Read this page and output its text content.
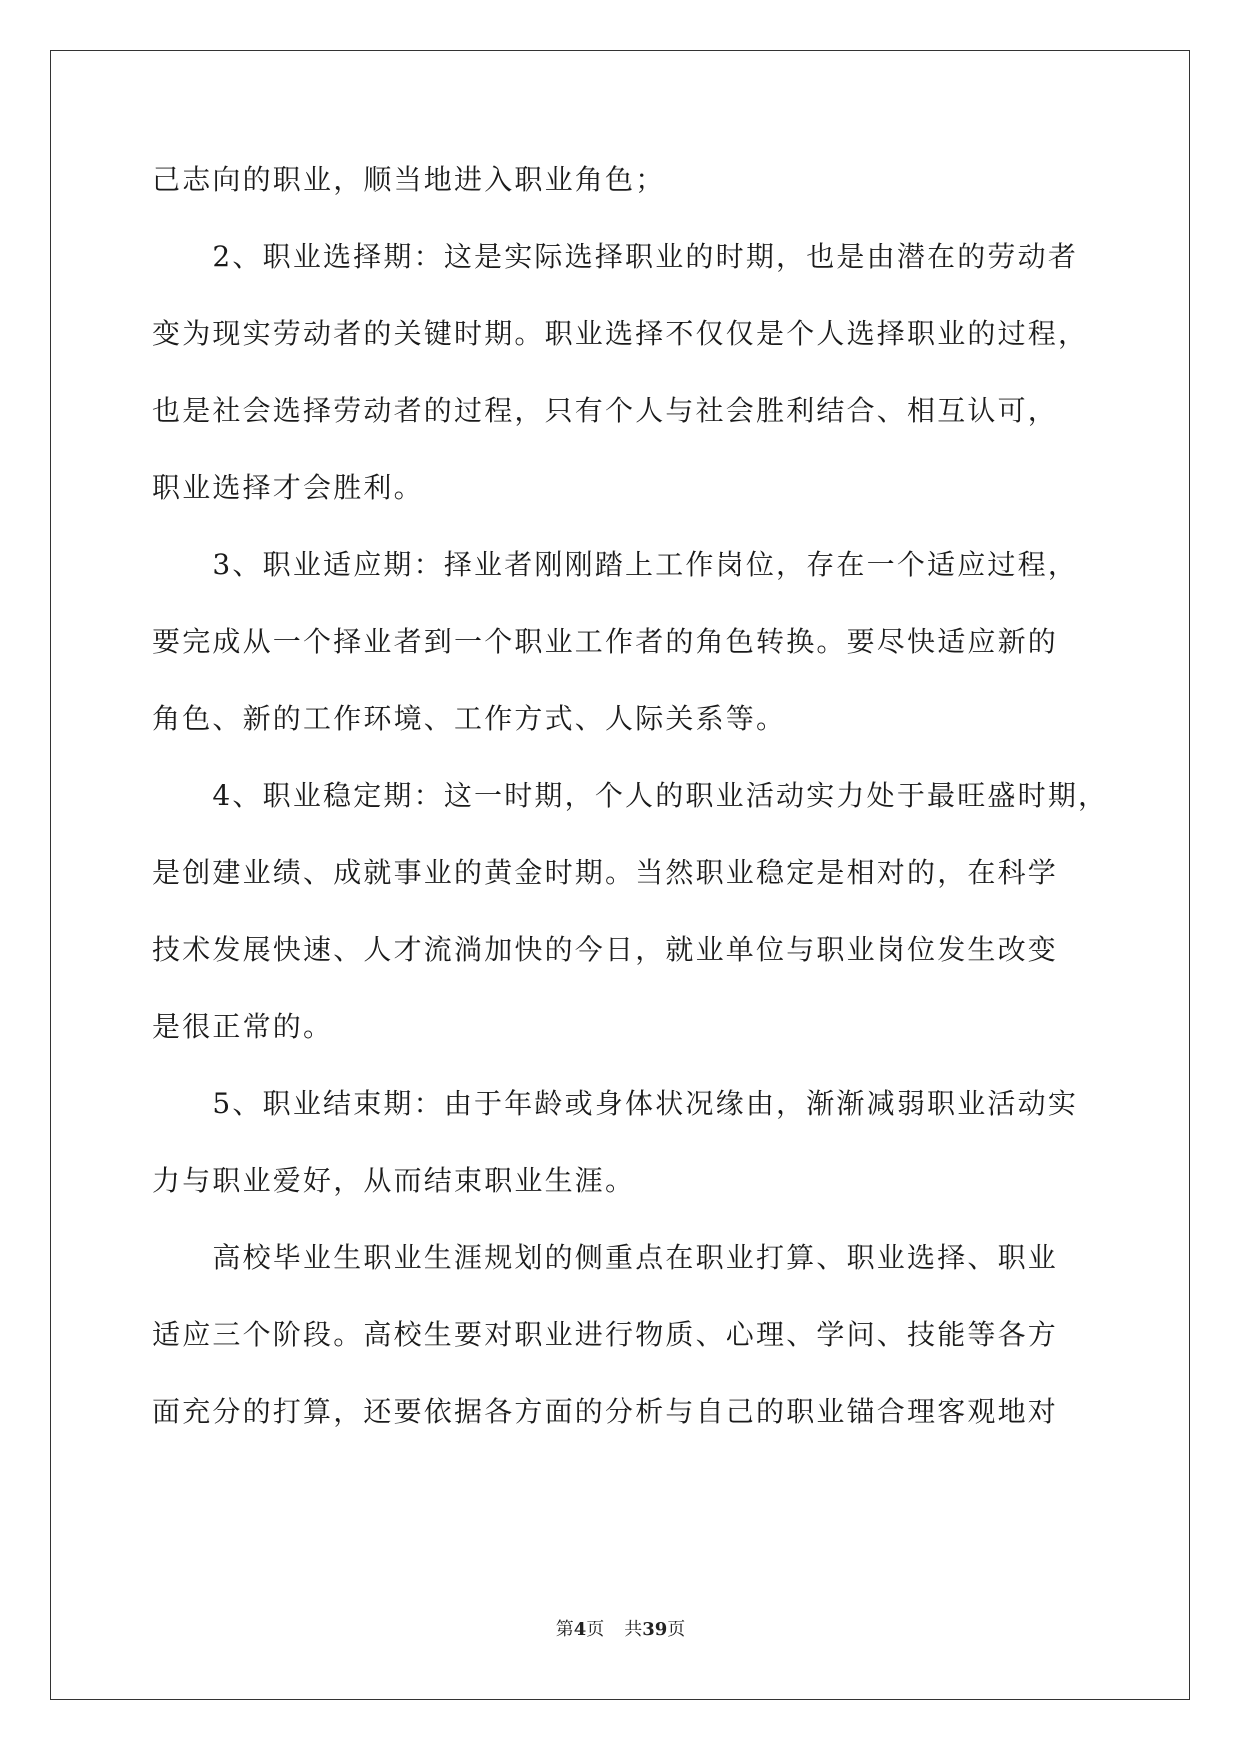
己志向的职业，顺当地进入职业角色；
　　2、职业选择期：这是实际选择职业的时期，也是由潜在的劳动者
变为现实劳动者的关键时期。职业选择不仅仅是个人选择职业的过程，
也是社会选择劳动者的过程，只有个人与社会胜利结合、相互认可，
职业选择才会胜利。
　　3、职业适应期：择业者刚刚踏上工作岗位，存在一个适应过程，
要完成从一个择业者到一个职业工作者的角色转换。要尽快适应新的
角色、新的工作环境、工作方式、人际关系等。
　　4、职业稳定期：这一时期，个人的职业活动实力处于最旺盛时期，
是创建业绩、成就事业的黄金时期。当然职业稳定是相对的，在科学
技术发展快速、人才流淌加快的今日，就业单位与职业岗位发生改变
是很正常的。
　　5、职业结束期：由于年龄或身体状况缘由，渐渐减弱职业活动实
力与职业爱好，从而结束职业生涯。
　　高校毕业生职业生涯规划的侧重点在职业打算、职业选择、职业
适应三个阶段。高校生要对职业进行物质、心理、学问、技能等各方
面充分的打算，还要依据各方面的分析与自己的职业锚合理客观地对
第4页 共39页
